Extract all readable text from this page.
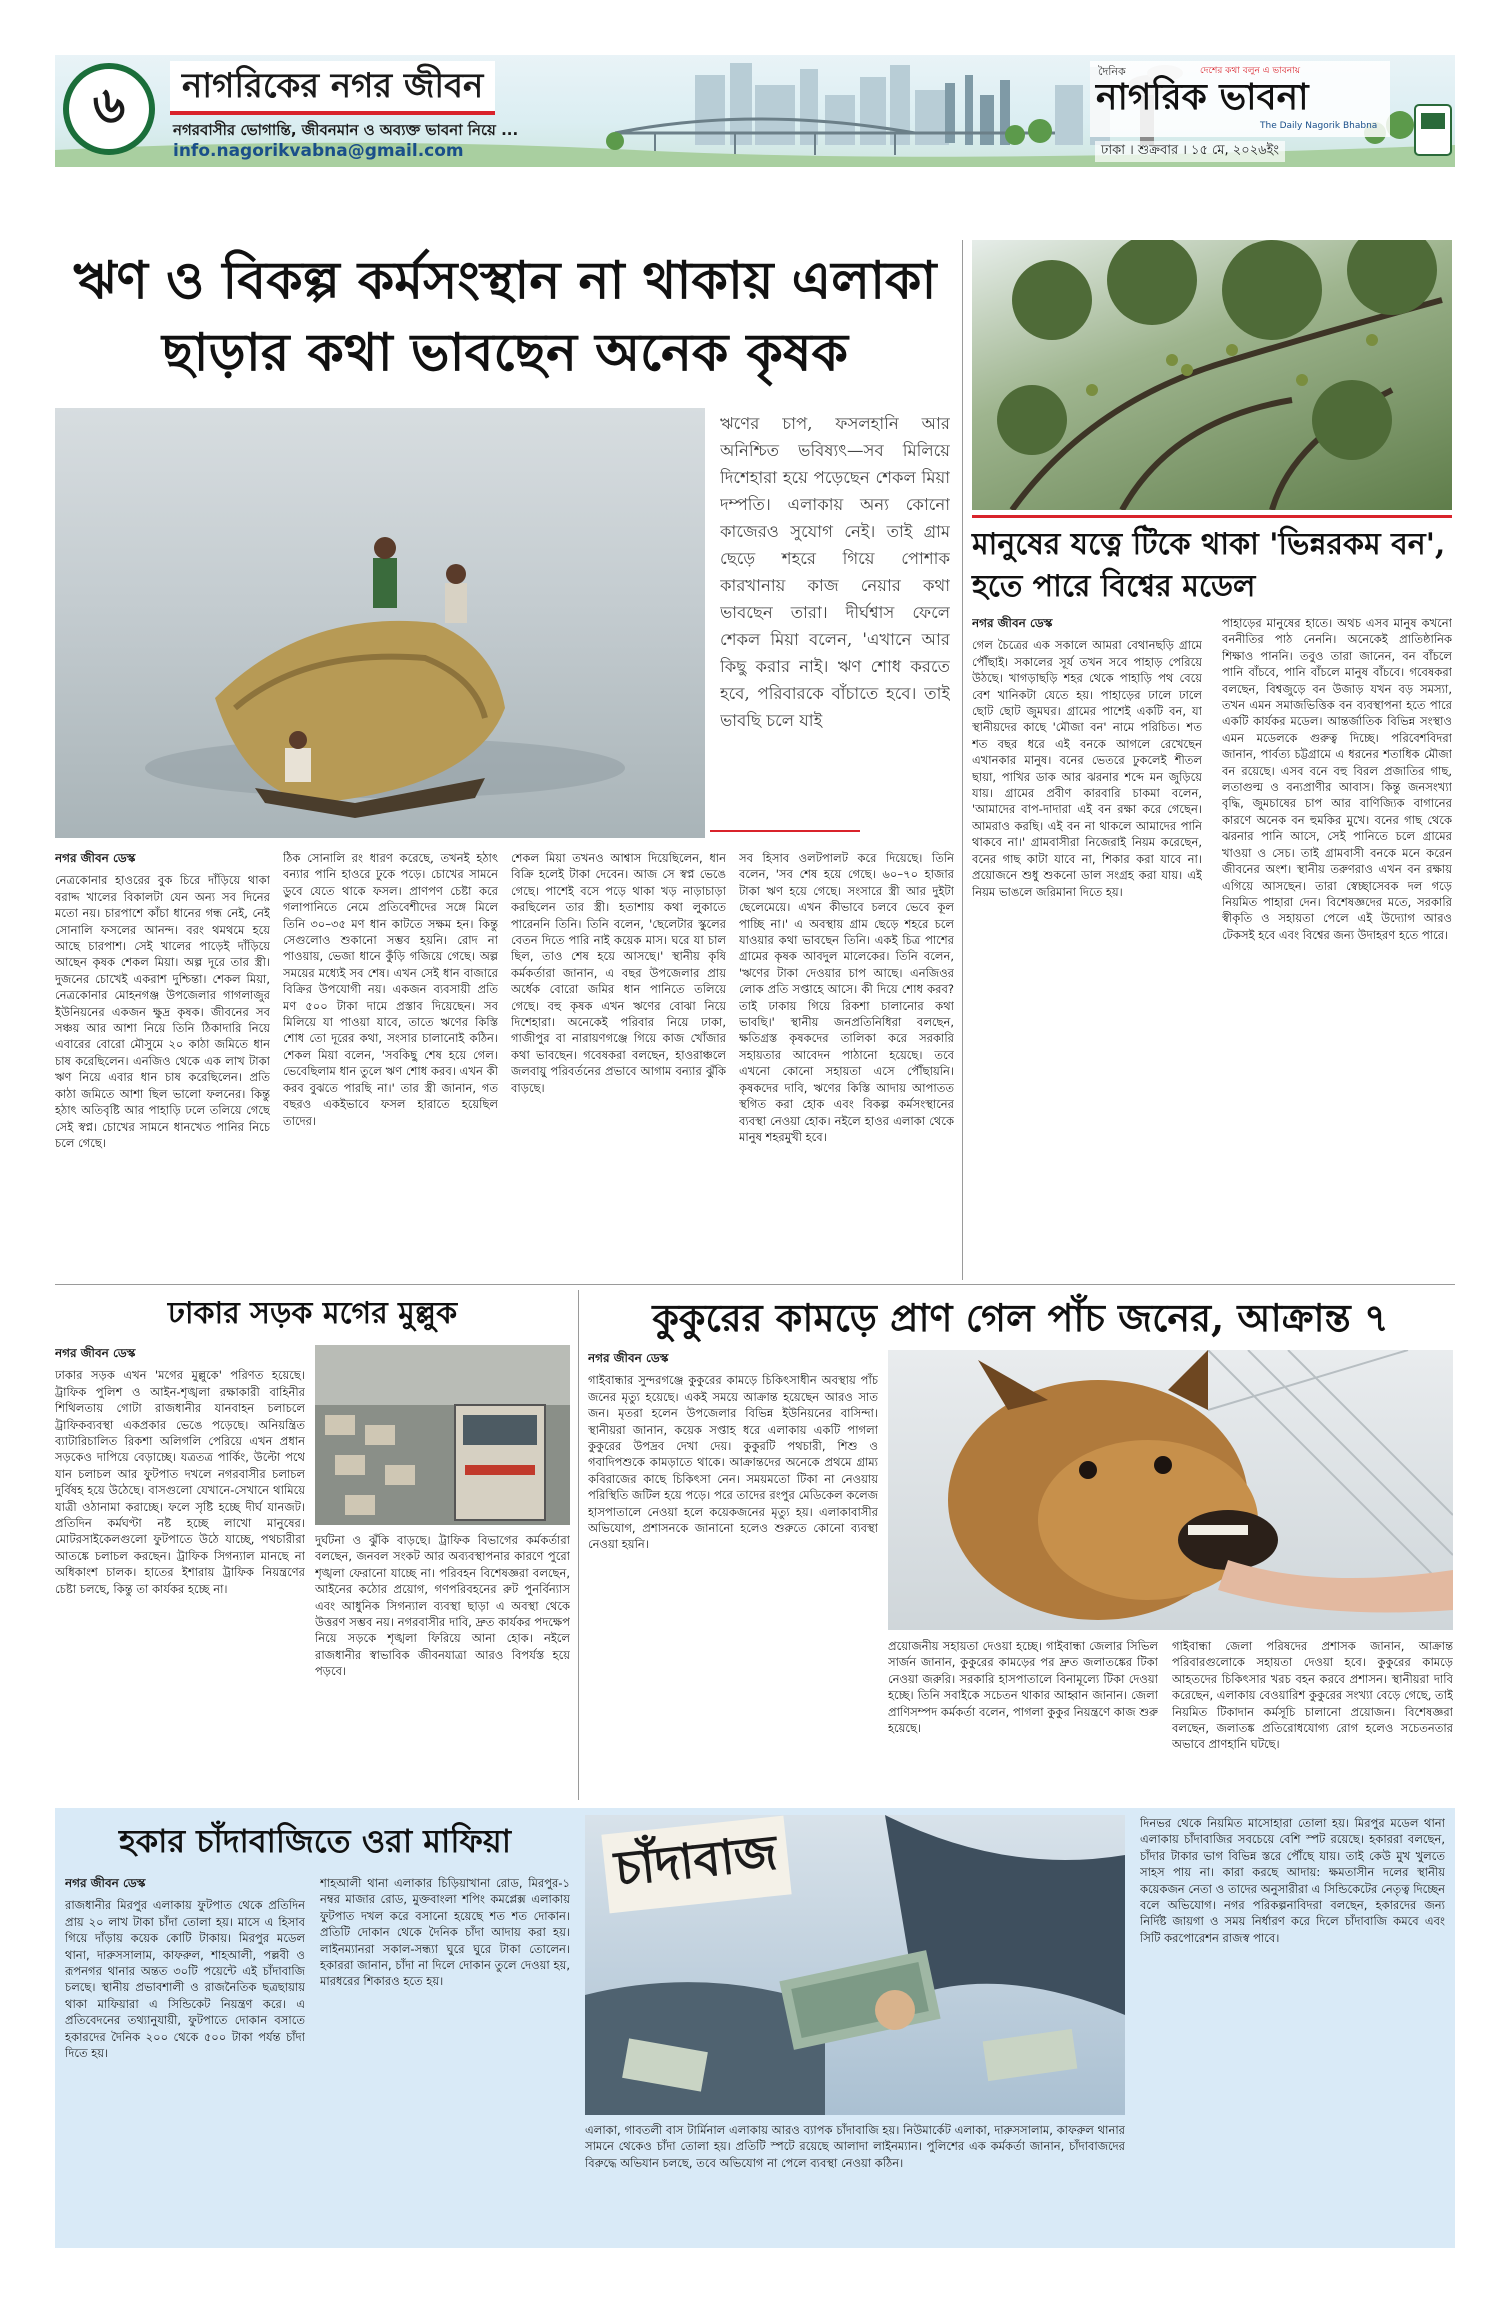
৬	নাগরিকের নগর জীবন
নগরবাসীর ভোগান্তি, জীবনমান ও অব্যক্ত ভাবনা নিয়ে ...
info.nagorikvabna@gmail.com
দৈনিক	দেশের কথা বলুন এ ভাবনায়
নাগরিক ভাবনা
The Daily Nagorik Bhabna
ঢাকা । শুক্রবার । ১৫ মে, ২০২৬ইং
ঋণ ও বিকল্প কর্মসংস্থান না থাকায় এলাকা
ছাড়ার কথা ভাবছেন অনেক কৃষক
ঋণের চাপ, ফসলহানি আর অনিশ্চিত ভবিষ্যৎ—সব মিলিয়ে দিশেহারা হয়ে পড়েছেন শেকল মিয়া দম্পতি। এলাকায় অন্য কোনো কাজেরও সুযোগ নেই। তাই গ্রাম ছেড়ে শহরে গিয়ে পোশাক কারখানায় কাজ নেয়ার কথা ভাবছেন তারা। দীর্ঘশ্বাস ফেলে শেকল মিয়া বলেন, 'এখানে আর কিছু করার নাই। ঋণ শোধ করতে হবে, পরিবারকে বাঁচাতে হবে। তাই ভাবছি চলে যাই
নগর জীবন ডেস্ক

নেত্রকোনার হাওরের বুক চিরে দাঁড়িয়ে থাকা বরাদ্দ খালের বিকালটা যেন অন্য সব দিনের মতো নয়। চারপাশে কাঁচা ধানের গন্ধ নেই, নেই সোনালি ফসলের আনন্দ। বরং থমথমে হয়ে আছে চারপাশ। সেই খালের পাড়েই দাঁড়িয়ে আছেন কৃষক শেকল মিয়া। অল্প দূরে তার স্ত্রী। দুজনের চোখেই একরাশ দুশ্চিন্তা। শেকল মিয়া, নেত্রকোনার মোহনগঞ্জ উপজেলার গাগলাজুর ইউনিয়নের একজন ক্ষুদ্র কৃষক। জীবনের সব সঞ্চয় আর আশা নিয়ে তিনি ঠিকাদারি নিয়ে এবারের বোরো মৌসুমে ২০ কাঠা জমিতে ধান চাষ করেছিলেন। এনজিও থেকে এক লাখ টাকা ঋণ নিয়ে এবার ধান চাষ করেছিলেন। প্রতি কাঠা জমিতে আশা ছিল ভালো ফলনের। কিন্তু হঠাৎ অতিবৃষ্টি আর পাহাড়ি ঢলে তলিয়ে গেছে সেই স্বপ্ন। চোখের সামনে ধানখেত পানির নিচে চলে গেছে।

ঠিক সোনালি রং ধারণ করেছে, তখনই হঠাৎ বন্যার পানি হাওরে ঢুকে পড়ে। চোখের সামনে ডুবে যেতে থাকে ফসল। প্রাণপণ চেষ্টা করে গলাপানিতে নেমে প্রতিবেশীদের সঙ্গে মিলে তিনি ৩০–৩৫ মণ ধান কাটতে সক্ষম হন। কিন্তু সেগুলোও শুকানো সম্ভব হয়নি। রোদ না পাওয়ায়, ভেজা ধানে কুঁড়ি গজিয়ে গেছে। অল্প সময়ের মধ্যেই সব শেষ। এখন সেই ধান বাজারে বিক্রির উপযোগী নয়। একজন ব্যবসায়ী প্রতি মণ ৫০০ টাকা দামে প্রস্তাব দিয়েছেন। সব মিলিয়ে যা পাওয়া যাবে, তাতে ঋণের কিস্তি শোধ তো দূরের কথা, সংসার চালানোই কঠিন। শেকল মিয়া বলেন, 'সবকিছু শেষ হয়ে গেল। ভেবেছিলাম ধান তুলে ঋণ শোধ করব। এখন কী করব বুঝতে পারছি না।' তার স্ত্রী জানান, গত বছরও একইভাবে ফসল হারাতে হয়েছিল তাদের।

শেকল মিয়া তখনও আশ্বাস দিয়েছিলেন, ধান বিক্রি হলেই টাকা দেবেন। আজ সে স্বপ্ন ভেঙে গেছে। পাশেই বসে পড়ে থাকা খড় নাড়াচাড়া করছিলেন তার স্ত্রী। হতাশায় কথা লুকাতে পারেননি তিনি। তিনি বলেন, 'ছেলেটার স্কুলের বেতন দিতে পারি নাই কয়েক মাস। ঘরে যা চাল ছিল, তাও শেষ হয়ে আসছে।' স্থানীয় কৃষি কর্মকর্তারা জানান, এ বছর উপজেলার প্রায় অর্ধেক বোরো জমির ধান পানিতে তলিয়ে গেছে। বহু কৃষক এখন ঋণের বোঝা নিয়ে দিশেহারা। অনেকেই পরিবার নিয়ে ঢাকা, গাজীপুর বা নারায়ণগঞ্জে গিয়ে কাজ খোঁজার কথা ভাবছেন। গবেষকরা বলছেন, হাওরাঞ্চলে জলবায়ু পরিবর্তনের প্রভাবে আগাম বন্যার ঝুঁকি বাড়ছে।

সব হিসাব ওলটপালট করে দিয়েছে। তিনি বলেন, 'সব শেষ হয়ে গেছে। ৬০–৭০ হাজার টাকা ঋণ হয়ে গেছে। সংসারে স্ত্রী আর দুইটা ছেলেমেয়ে। এখন কীভাবে চলবে ভেবে কূল পাচ্ছি না।' এ অবস্থায় গ্রাম ছেড়ে শহরে চলে যাওয়ার কথা ভাবছেন তিনি। একই চিত্র পাশের গ্রামের কৃষক আবদুল মালেকের। তিনি বলেন, 'ঋণের টাকা দেওয়ার চাপ আছে। এনজিওর লোক প্রতি সপ্তাহে আসে। কী দিয়ে শোধ করব? তাই ঢাকায় গিয়ে রিকশা চালানোর কথা ভাবছি।' স্থানীয় জনপ্রতিনিধিরা বলছেন, ক্ষতিগ্রস্ত কৃষকদের তালিকা করে সরকারি সহায়তার আবেদন পাঠানো হয়েছে। তবে এখনো কোনো সহায়তা এসে পৌঁছায়নি। কৃষকদের দাবি, ঋণের কিস্তি আদায় আপাতত স্থগিত করা হোক এবং বিকল্প কর্মসংস্থানের ব্যবস্থা নেওয়া হোক। নইলে হাওর এলাকা থেকে মানুষ শহরমুখী হবে।

মানুষের যত্নে টিকে থাকা 'ভিন্নরকম বন', হতে পারে বিশ্বের মডেল
নগর জীবন ডেস্ক

গেল চৈত্রের এক সকালে আমরা বেথানছড়ি গ্রামে পৌঁছাই। সকালের সূর্য তখন সবে পাহাড় পেরিয়ে উঠছে। খাগড়াছড়ি শহর থেকে পাহাড়ি পথ বেয়ে বেশ খানিকটা যেতে হয়। পাহাড়ের ঢালে ঢালে ছোট ছোট জুমঘর। গ্রামের পাশেই একটি বন, যা স্থানীয়দের কাছে 'মৌজা বন' নামে পরিচিত। শত শত বছর ধরে এই বনকে আগলে রেখেছেন এখানকার মানুষ। বনের ভেতরে ঢুকলেই শীতল ছায়া, পাখির ডাক আর ঝরনার শব্দে মন জুড়িয়ে যায়। গ্রামের প্রবীণ কারবারি চাকমা বলেন, 'আমাদের বাপ-দাদারা এই বন রক্ষা করে গেছেন। আমরাও করছি। এই বন না থাকলে আমাদের পানি থাকবে না।' গ্রামবাসীরা নিজেরাই নিয়ম করেছেন, বনের গাছ কাটা যাবে না, শিকার করা যাবে না। প্রয়োজনে শুধু শুকনো ডাল সংগ্রহ করা যায়। এই নিয়ম ভাঙলে জরিমানা দিতে হয়।

পাহাড়ের মানুষের হাতে। অথচ এসব মানুষ কখনো বননীতির পাঠ নেননি। অনেকেই প্রাতিষ্ঠানিক শিক্ষাও পাননি। তবুও তারা জানেন, বন বাঁচলে পানি বাঁচবে, পানি বাঁচলে মানুষ বাঁচবে। গবেষকরা বলছেন, বিশ্বজুড়ে বন উজাড় যখন বড় সমস্যা, তখন এমন সমাজভিত্তিক বন ব্যবস্থাপনা হতে পারে একটি কার্যকর মডেল। আন্তর্জাতিক বিভিন্ন সংস্থাও এমন মডেলকে গুরুত্ব দিচ্ছে। পরিবেশবিদরা জানান, পার্বত্য চট্টগ্রামে এ ধরনের শতাধিক মৌজা বন রয়েছে। এসব বনে বহু বিরল প্রজাতির গাছ, লতাগুল্ম ও বন্যপ্রাণীর আবাস। কিন্তু জনসংখ্যা বৃদ্ধি, জুমচাষের চাপ আর বাণিজ্যিক বাগানের কারণে অনেক বন হুমকির মুখে। বনের গাছ থেকে ঝরনার পানি আসে, সেই পানিতে চলে গ্রামের খাওয়া ও সেচ। তাই গ্রামবাসী বনকে মনে করেন জীবনের অংশ। স্থানীয় তরুণরাও এখন বন রক্ষায় এগিয়ে আসছেন। তারা স্বেচ্ছাসেবক দল গড়ে নিয়মিত পাহারা দেন। বিশেষজ্ঞদের মতে, সরকারি স্বীকৃতি ও সহায়তা পেলে এই উদ্যোগ আরও টেকসই হবে এবং বিশ্বের জন্য উদাহরণ হতে পারে।

ঢাকার সড়ক মগের মুল্লুক
নগর জীবন ডেস্ক

ঢাকার সড়ক এখন 'মগের মুল্লুকে' পরিণত হয়েছে। ট্রাফিক পুলিশ ও আইন-শৃঙ্খলা রক্ষাকারী বাহিনীর শিথিলতায় গোটা রাজধানীর যানবাহন চলাচলে ট্রাফিকব্যবস্থা একপ্রকার ভেঙে পড়েছে। অনিয়ন্ত্রিত ব্যাটারিচালিত রিকশা অলিগলি পেরিয়ে এখন প্রধান সড়কেও দাপিয়ে বেড়াচ্ছে। যত্রতত্র পার্কিং, উল্টো পথে যান চলাচল আর ফুটপাত দখলে নগরবাসীর চলাচল দুর্বিষহ হয়ে উঠেছে। বাসগুলো যেখানে-সেখানে থামিয়ে যাত্রী ওঠানামা করাচ্ছে। ফলে সৃষ্টি হচ্ছে দীর্ঘ যানজট। প্রতিদিন কর্মঘণ্টা নষ্ট হচ্ছে লাখো মানুষের। মোটরসাইকেলগুলো ফুটপাতে উঠে যাচ্ছে, পথচারীরা আতঙ্কে চলাচল করছেন। ট্রাফিক সিগন্যাল মানছে না অধিকাংশ চালক। হাতের ইশারায় ট্রাফিক নিয়ন্ত্রণের চেষ্টা চলছে, কিন্তু তা কার্যকর হচ্ছে না।

দুর্ঘটনা ও ঝুঁকি বাড়ছে। ট্রাফিক বিভাগের কর্মকর্তারা বলছেন, জনবল সংকট আর অব্যবস্থাপনার কারণে পুরো শৃঙ্খলা ফেরানো যাচ্ছে না। পরিবহন বিশেষজ্ঞরা বলছেন, আইনের কঠোর প্রয়োগ, গণপরিবহনের রুট পুনর্বিন্যাস এবং আধুনিক সিগন্যাল ব্যবস্থা ছাড়া এ অবস্থা থেকে উত্তরণ সম্ভব নয়। নগরবাসীর দাবি, দ্রুত কার্যকর পদক্ষেপ নিয়ে সড়কে শৃঙ্খলা ফিরিয়ে আনা হোক। নইলে রাজধানীর স্বাভাবিক জীবনযাত্রা আরও বিপর্যস্ত হয়ে পড়বে।

কুকুরের কামড়ে প্রাণ গেল পাঁচ জনের, আক্রান্ত ৭
নগর জীবন ডেস্ক

গাইবান্ধার সুন্দরগঞ্জে কুকুরের কামড়ে চিকিৎসাধীন অবস্থায় পাঁচ জনের মৃত্যু হয়েছে। একই সময়ে আক্রান্ত হয়েছেন আরও সাত জন। মৃতরা হলেন উপজেলার বিভিন্ন ইউনিয়নের বাসিন্দা। স্থানীয়রা জানান, কয়েক সপ্তাহ ধরে এলাকায় একটি পাগলা কুকুরের উপদ্রব দেখা দেয়। কুকুরটি পথচারী, শিশু ও গবাদিপশুকে কামড়াতে থাকে। আক্রান্তদের অনেকে প্রথমে গ্রাম্য কবিরাজের কাছে চিকিৎসা নেন। সময়মতো টিকা না নেওয়ায় পরিস্থিতি জটিল হয়ে পড়ে। পরে তাদের রংপুর মেডিকেল কলেজ হাসপাতালে নেওয়া হলে কয়েকজনের মৃত্যু হয়। এলাকাবাসীর অভিযোগ, প্রশাসনকে জানানো হলেও শুরুতে কোনো ব্যবস্থা নেওয়া হয়নি।

প্রয়োজনীয় সহায়তা দেওয়া হচ্ছে। গাইবান্ধা জেলার সিভিল সার্জন জানান, কুকুরের কামড়ের পর দ্রুত জলাতঙ্কের টিকা নেওয়া জরুরি। সরকারি হাসপাতালে বিনামূল্যে টিকা দেওয়া হচ্ছে। তিনি সবাইকে সচেতন থাকার আহ্বান জানান। জেলা প্রাণিসম্পদ কর্মকর্তা বলেন, পাগলা কুকুর নিয়ন্ত্রণে কাজ শুরু হয়েছে।

গাইবান্ধা জেলা পরিষদের প্রশাসক জানান, আক্রান্ত পরিবারগুলোকে সহায়তা দেওয়া হবে। কুকুরের কামড়ে আহতদের চিকিৎসার খরচ বহন করবে প্রশাসন। স্থানীয়রা দাবি করেছেন, এলাকায় বেওয়ারিশ কুকুরের সংখ্যা বেড়ে গেছে, তাই নিয়মিত টিকাদান কর্মসূচি চালানো প্রয়োজন। বিশেষজ্ঞরা বলছেন, জলাতঙ্ক প্রতিরোধযোগ্য রোগ হলেও সচেতনতার অভাবে প্রাণহানি ঘটছে।

হকার চাঁদাবাজিতে ওরা মাফিয়া
নগর জীবন ডেস্ক

রাজধানীর মিরপুর এলাকায় ফুটপাত থেকে প্রতিদিন প্রায় ২০ লাখ টাকা চাঁদা তোলা হয়। মাসে এ হিসাব গিয়ে দাঁড়ায় কয়েক কোটি টাকায়। মিরপুর মডেল থানা, দারুসসালাম, কাফরুল, শাহআলী, পল্লবী ও রূপনগর থানার অন্তত ৩০টি পয়েন্টে এই চাঁদাবাজি চলছে। স্থানীয় প্রভাবশালী ও রাজনৈতিক ছত্রছায়ায় থাকা মাফিয়ারা এ সিন্ডিকেট নিয়ন্ত্রণ করে। এ প্রতিবেদনের তথ্যানুযায়ী, ফুটপাতে দোকান বসাতে হকারদের দৈনিক ২০০ থেকে ৫০০ টাকা পর্যন্ত চাঁদা দিতে হয়।

শাহআলী থানা এলাকার চিড়িয়াখানা রোড, মিরপুর-১ নম্বর মাজার রোড, মুক্তবাংলা শপিং কমপ্লেক্স এলাকায় ফুটপাত দখল করে বসানো হয়েছে শত শত দোকান। প্রতিটি দোকান থেকে দৈনিক চাঁদা আদায় করা হয়। লাইনম্যানরা সকাল-সন্ধ্যা ঘুরে ঘুরে টাকা তোলেন। হকাররা জানান, চাঁদা না দিলে দোকান তুলে দেওয়া হয়, মারধরের শিকারও হতে হয়।

চাঁদাবাজ

এলাকা, গাবতলী বাস টার্মিনাল এলাকায় আরও ব্যাপক চাঁদাবাজি হয়। নিউমার্কেট এলাকা, দারুসসালাম, কাফরুল থানার সামনে থেকেও চাঁদা তোলা হয়। প্রতিটি স্পটে রয়েছে আলাদা লাইনম্যান। পুলিশের এক কর্মকর্তা জানান, চাঁদাবাজদের বিরুদ্ধে অভিযান চলছে, তবে অভিযোগ না পেলে ব্যবস্থা নেওয়া কঠিন।

দিনভর থেকে নিয়মিত মাসোহারা তোলা হয়। মিরপুর মডেল থানা এলাকায় চাঁদাবাজির সবচেয়ে বেশি স্পট রয়েছে। হকাররা বলছেন, চাঁদার টাকার ভাগ বিভিন্ন স্তরে পৌঁছে যায়। তাই কেউ মুখ খুলতে সাহস পায় না। কারা করছে আদায়: ক্ষমতাসীন দলের স্থানীয় কয়েকজন নেতা ও তাদের অনুসারীরা এ সিন্ডিকেটের নেতৃত্ব দিচ্ছেন বলে অভিযোগ। নগর পরিকল্পনাবিদরা বলছেন, হকারদের জন্য নির্দিষ্ট জায়গা ও সময় নির্ধারণ করে দিলে চাঁদাবাজি কমবে এবং সিটি করপোরেশন রাজস্ব পাবে।
